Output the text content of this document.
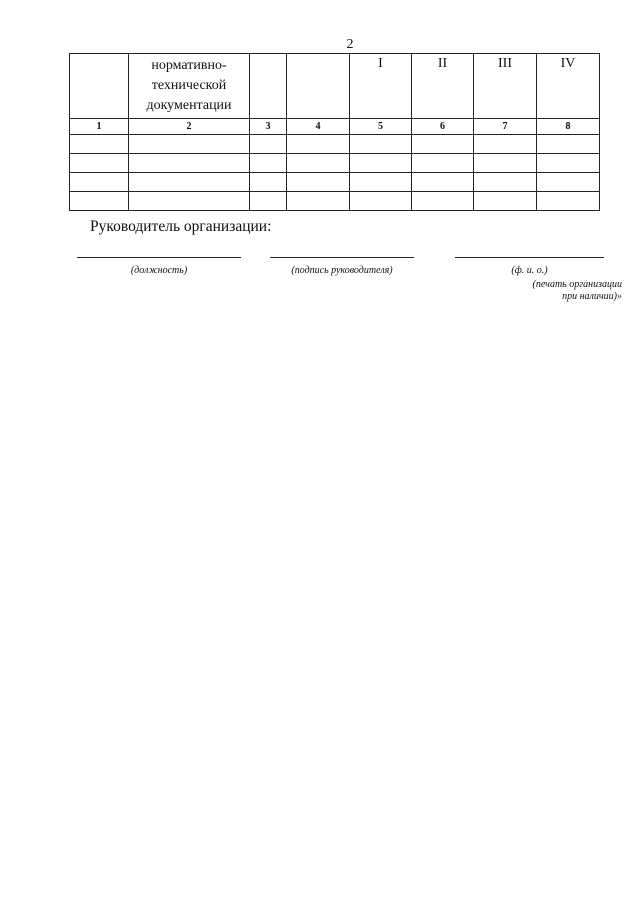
2

	нормативно-
технической
документации			I	II	III	IV

1	2	3	4	5	6	7	8

Руководитель организации:
(должность)	(подпись руководителя)	(ф. и. о.)
(печать организации
при наличии)»
